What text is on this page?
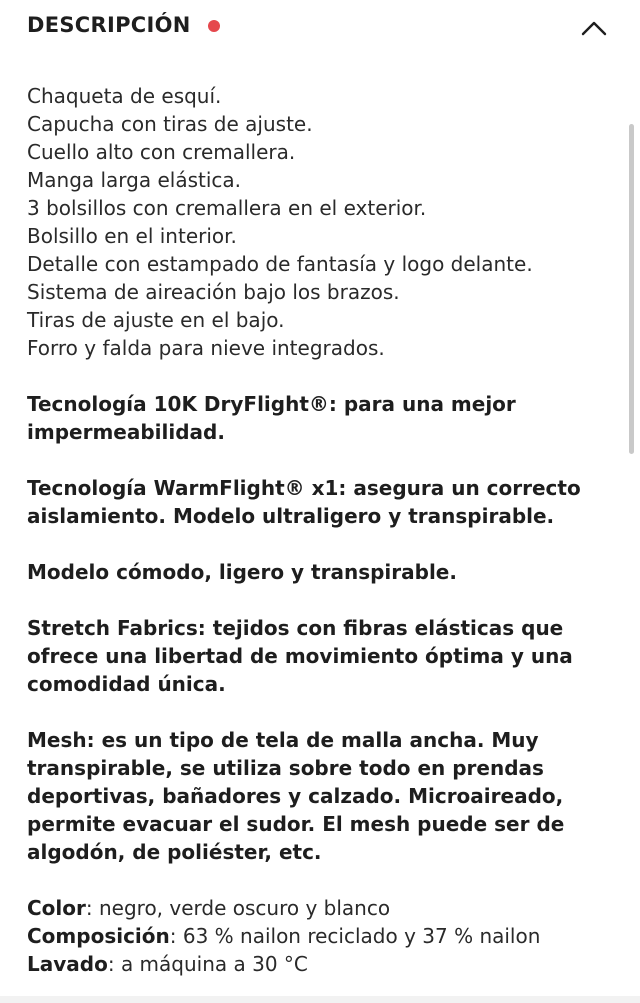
DESCRIPCIÓN
Chaqueta de esquí.
Capucha con tiras de ajuste.
Cuello alto con cremallera.
Manga larga elástica.
3 bolsillos con cremallera en el exterior.
Bolsillo en el interior.
Detalle con estampado de fantasía y logo delante.
Sistema de aireación bajo los brazos.
Tiras de ajuste en el bajo.
Forro y falda para nieve integrados.
Tecnología 10K DryFlight®: para una mejor impermeabilidad.
Tecnología WarmFlight® x1: asegura un correcto aislamiento. Modelo ultraligero y transpirable.
Modelo cómodo, ligero y transpirable.
Stretch Fabrics: tejidos con fibras elásticas que ofrece una libertad de movimiento óptima y una comodidad única.
Mesh: es un tipo de tela de malla ancha. Muy transpirable, se utiliza sobre todo en prendas deportivas, bañadores y calzado. Microaireado, permite evacuar el sudor. El mesh puede ser de algodón, de poliéster, etc.
Color: negro, verde oscuro y blanco
Composición: 63 % nailon reciclado y 37 % nailon
Lavado: a máquina a 30 °C
